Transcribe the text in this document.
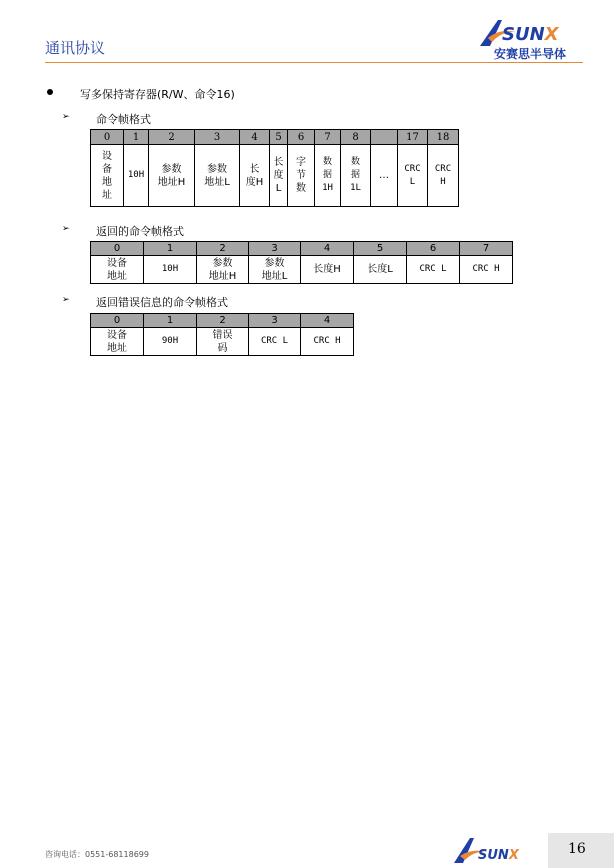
通讯协议
SUNX
安赛思半导体
写多保持寄存器(R/W、命令16)
➢ 命令帧格式
0	1	2	3	4	5	6	7	8		17	18
设
备
地
址	10H	参数
地址H	参数
地址L	长
度H	长
度
L	字
节
数	数
据
1H	数
据
1L	…	CRC
L	CRC
H
➢ 返回的命令帧格式
0	1	2	3	4	5	6	7
设备
地址	10H	参数
地址H	参数
地址L	长度H	长度L	CRC L	CRC H
➢ 返回错误信息的命令帧格式
0	1	2	3	4
设备
地址	90H	错误
码	CRC L	CRC H
咨询电话：0551-68118699	SUNX	16
